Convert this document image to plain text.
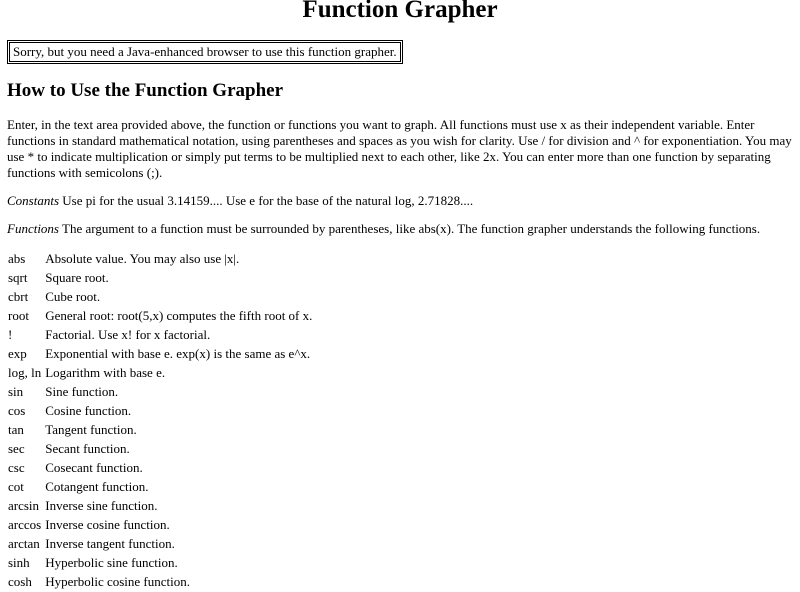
Function Grapher
Sorry, but you need a Java-enhanced browser to use this function grapher.
How to Use the Function Grapher

Enter, in the text area provided above, the function or functions you want to graph. All functions must use x as their independent variable. Enter functions in standard mathematical notation, using parentheses and spaces as you wish for clarity. Use / for division and ^ for exponentiation. You may use * to indicate multiplication or simply put terms to be multiplied next to each other, like 2x. You can enter more than one function by separating functions with semicolons (;).

Constants Use pi for the usual 3.14159.... Use e for the base of the natural log, 2.71828....

Functions The argument to a function must be surrounded by parentheses, like abs(x). The function grapher understands the following functions.

abs	Absolute value. You may also use |x|.
sqrt	Square root.
cbrt	Cube root.
root	General root: root(5,x) computes the fifth root of x.
!	Factorial. Use x! for x factorial.
exp	Exponential with base e. exp(x) is the same as e^x.
log, ln	Logarithm with base e.
sin	Sine function.
cos	Cosine function.
tan	Tangent function.
sec	Secant function.
csc	Cosecant function.
cot	Cotangent function.
arcsin	Inverse sine function.
arccos	Inverse cosine function.
arctan	Inverse tangent function.
sinh	Hyperbolic sine function.
cosh	Hyperbolic cosine function.
